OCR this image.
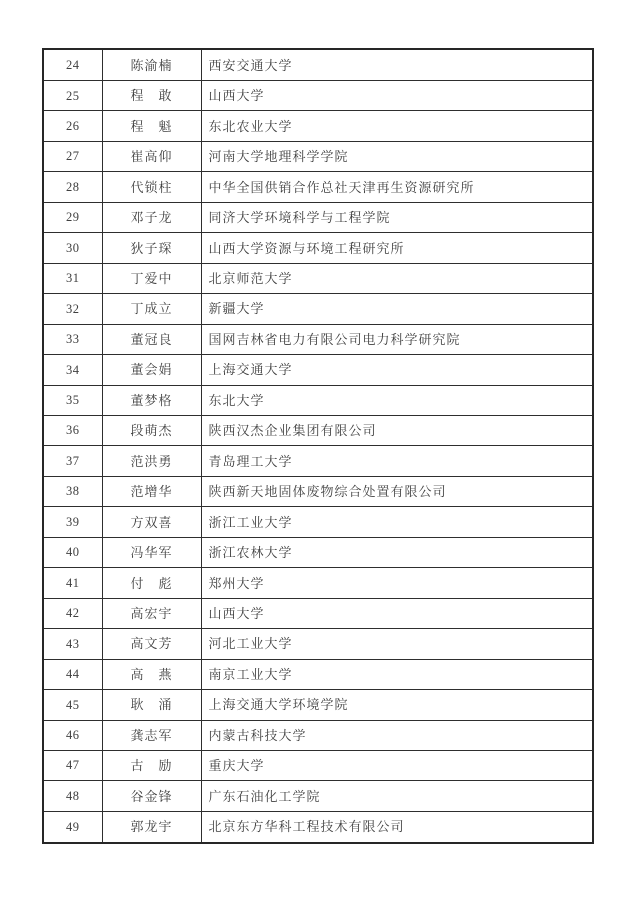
24	陈渝楠	西安交通大学
25	程　敢	山西大学
26	程　魁	东北农业大学
27	崔高仰	河南大学地理科学学院
28	代锁柱	中华全国供销合作总社天津再生资源研究所
29	邓子龙	同济大学环境科学与工程学院
30	狄子琛	山西大学资源与环境工程研究所
31	丁爱中	北京师范大学
32	丁成立	新疆大学
33	董冠良	国网吉林省电力有限公司电力科学研究院
34	董会娟	上海交通大学
35	董梦格	东北大学
36	段萌杰	陕西汉杰企业集团有限公司
37	范洪勇	青岛理工大学
38	范增华	陕西新天地固体废物综合处置有限公司
39	方双喜	浙江工业大学
40	冯华军	浙江农林大学
41	付　彪	郑州大学
42	高宏宇	山西大学
43	高文芳	河北工业大学
44	高　燕	南京工业大学
45	耿　涌	上海交通大学环境学院
46	龚志军	内蒙古科技大学
47	古　励	重庆大学
48	谷金锋	广东石油化工学院
49	郭龙宇	北京东方华科工程技术有限公司
